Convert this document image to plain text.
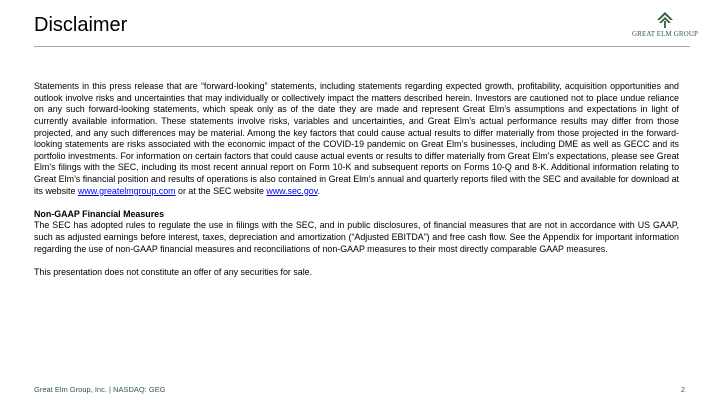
Disclaimer	GREAT ELM GROUP

Statements in this press release that are “forward-looking” statements, including statements regarding expected growth, profitability, acquisition opportunities and outlook involve risks and uncertainties that may individually or collectively impact the matters described herein. Investors are cautioned not to place undue reliance on any such forward-looking statements, which speak only as of the date they are made and represent Great Elm’s assumptions and expectations in light of currently available information. These statements involve risks, variables and uncertainties, and Great Elm’s actual performance results may differ from those projected, and any such differences may be material. Among the key factors that could cause actual results to differ materially from those projected in the forward-looking statements are risks associated with the economic impact of the COVID-19 pandemic on Great Elm’s businesses, including DME as well as GECC and its portfolio investments. For information on certain factors that could cause actual events or results to differ materially from Great Elm’s expectations, please see Great Elm’s filings with the SEC, including its most recent annual report on Form 10-K and subsequent reports on Forms 10-Q and 8-K. Additional information relating to Great Elm’s financial position and results of operations is also contained in Great Elm’s annual and quarterly reports filed with the SEC and available for download at its website www.greatelmgroup.com or at the SEC website www.sec.gov.

Non-GAAP Financial Measures

The SEC has adopted rules to regulate the use in filings with the SEC, and in public disclosures, of financial measures that are not in accordance with US GAAP, such as adjusted earnings before interest, taxes, depreciation and amortization (“Adjusted EBITDA”) and free cash flow. See the Appendix for important information regarding the use of non-GAAP financial measures and reconciliations of non-GAAP measures to their most directly comparable GAAP measures.

This presentation does not constitute an offer of any securities for sale.

Great Elm Group, Inc. | NASDAQ: GEG	2
